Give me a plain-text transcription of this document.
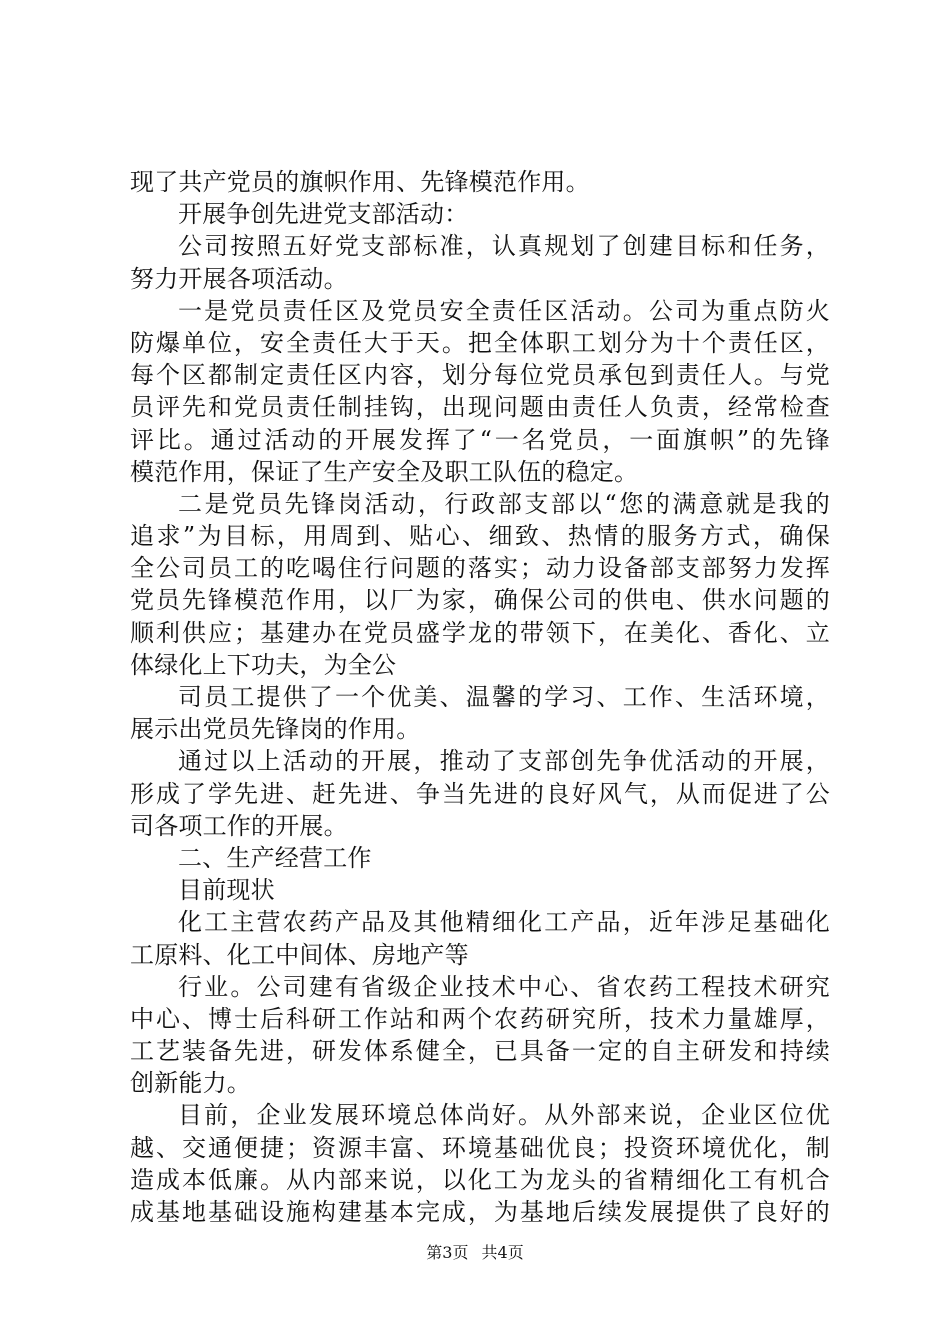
现了共产党员的旗帜作用、先锋模范作用。
开展争创先进党支部活动：
公司按照五好党支部标准，认真规划了创建目标和任务，
努力开展各项活动。
一是党员责任区及党员安全责任区活动。公司为重点防火
防爆单位，安全责任大于天。把全体职工划分为十个责任区，
每个区都制定责任区内容，划分每位党员承包到责任人。与党
员评先和党员责任制挂钩，出现问题由责任人负责，经常检查
评比。通过活动的开展发挥了“一名党员，一面旗帜”的先锋
模范作用，保证了生产安全及职工队伍的稳定。
二是党员先锋岗活动，行政部支部以“您的满意就是我的
追求”为目标，用周到、贴心、细致、热情的服务方式，确保
全公司员工的吃喝住行问题的落实；动力设备部支部努力发挥
党员先锋模范作用，以厂为家，确保公司的供电、供水问题的
顺利供应；基建办在党员盛学龙的带领下，在美化、香化、立
体绿化上下功夫，为全公
司员工提供了一个优美、温馨的学习、工作、生活环境，
展示出党员先锋岗的作用。
通过以上活动的开展，推动了支部创先争优活动的开展，
形成了学先进、赶先进、争当先进的良好风气，从而促进了公
司各项工作的开展。
二、生产经营工作
目前现状
化工主营农药产品及其他精细化工产品，近年涉足基础化
工原料、化工中间体、房地产等
行业。公司建有省级企业技术中心、省农药工程技术研究
中心、博士后科研工作站和两个农药研究所，技术力量雄厚，
工艺装备先进，研发体系健全，已具备一定的自主研发和持续
创新能力。
目前，企业发展环境总体尚好。从外部来说，企业区位优
越、交通便捷；资源丰富、环境基础优良；投资环境优化，制
造成本低廉。从内部来说，以化工为龙头的省精细化工有机合
成基地基础设施构建基本完成，为基地后续发展提供了良好的
第3页 共4页
